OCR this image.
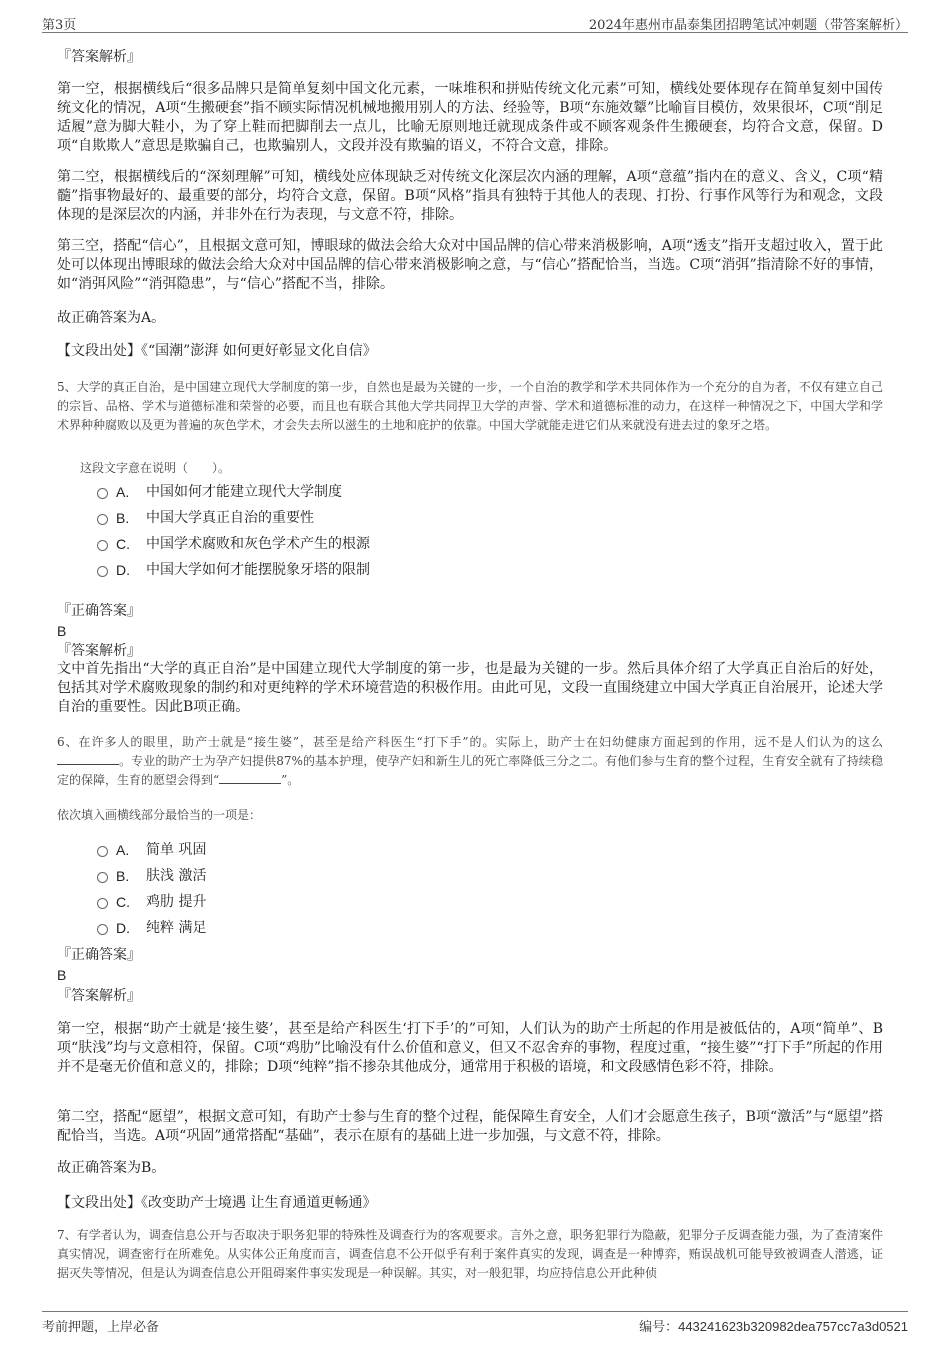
第3页	2024年惠州市晶泰集团招聘笔试冲刺题（带答案解析）
『答案解析』

第一空，根据横线后“很多品牌只是简单复刻中国文化元素，一味堆积和拼贴传统文化元素”可知，横线处要体现存在简单复刻中国传统文化的情况，A项“生搬硬套”指不顾实际情况机械地搬用别人的方法、经验等，B项“东施效颦”比喻盲目模仿，效果很坏，C项“削足适履”意为脚大鞋小，为了穿上鞋而把脚削去一点儿，比喻无原则地迁就现成条件或不顾客观条件生搬硬套，均符合文意，保留。D项“自欺欺人”意思是欺骗自己，也欺骗别人，文段并没有欺骗的语义，不符合文意，排除。

第二空，根据横线后的“深刻理解”可知，横线处应体现缺乏对传统文化深层次内涵的理解，A项“意蕴”指内在的意义、含义，C项“精髓”指事物最好的、最重要的部分，均符合文意，保留。B项“风格”指具有独特于其他人的表现、打扮、行事作风等行为和观念，文段体现的是深层次的内涵，并非外在行为表现，与文意不符，排除。

第三空，搭配“信心”，且根据文意可知，博眼球的做法会给大众对中国品牌的信心带来消极影响，A项“透支”指开支超过收入，置于此处可以体现出博眼球的做法会给大众对中国品牌的信心带来消极影响之意，与“信心”搭配恰当，当选。C项“消弭”指清除不好的事情，如“消弭风险”“消弭隐患”，与“信心”搭配不当，排除。

故正确答案为A。

【文段出处】《“国潮”澎湃 如何更好彰显文化自信》

5、大学的真正自治，是中国建立现代大学制度的第一步，自然也是最为关键的一步，一个自治的教学和学术共同体作为一个充分的自为者，不仅有建立自己的宗旨、品格、学术与道德标准和荣誉的必要，而且也有联合其他大学共同捍卫大学的声誉、学术和道德标准的动力，在这样一种情况之下，中国大学和学术界种种腐败以及更为普遍的灰色学术，才会失去所以滋生的土地和庇护的依靠。中国大学就能走进它们从来就没有进去过的象牙之塔。

这段文字意在说明（　　）。
A.	中国如何才能建立现代大学制度
B.	中国大学真正自治的重要性
C.	中国学术腐败和灰色学术产生的根源
D.	中国大学如何才能摆脱象牙塔的限制
『正确答案』
B
『答案解析』

文中首先指出“大学的真正自治”是中国建立现代大学制度的第一步，也是最为关键的一步。然后具体介绍了大学真正自治后的好处，包括其对学术腐败现象的制约和对更纯粹的学术环境营造的积极作用。由此可见，文段一直围绕建立中国大学真正自治展开，论述大学自治的重要性。因此B项正确。

6、在许多人的眼里，助产士就是“接生婆”，甚至是给产科医生“打下手”的。实际上，助产士在妇幼健康方面起到的作用，远不是人们认为的这么。专业的助产士为孕产妇提供87%的基本护理，使孕产妇和新生儿的死亡率降低三分之二。有他们参与生育的整个过程，生育安全就有了持续稳定的保障，生育的愿望会得到“	”。

依次填入画横线部分最恰当的一项是：
A.	简单 巩固
B.	肤浅 激活
C.	鸡肋 提升
D.	纯粹 满足
『正确答案』
B
『答案解析』

第一空，根据“助产士就是‘接生婆’，甚至是给产科医生‘打下手’的”可知，人们认为的助产士所起的作用是被低估的，A项“简单”、B项“肤浅”均与文意相符，保留。C项“鸡肋”比喻没有什么价值和意义，但又不忍舍弃的事物，程度过重，“接生婆”“打下手”所起的作用并不是毫无价值和意义的，排除；D项“纯粹”指不掺杂其他成分，通常用于积极的语境，和文段感情色彩不符，排除。

第二空，搭配“愿望”，根据文意可知，有助产士参与生育的整个过程，能保障生育安全，人们才会愿意生孩子，B项“激活”与“愿望”搭配恰当，当选。A项“巩固”通常搭配“基础”，表示在原有的基础上进一步加强，与文意不符，排除。

故正确答案为B。

【文段出处】《改变助产士境遇 让生育通道更畅通》

7、有学者认为，调查信息公开与否取决于职务犯罪的特殊性及调查行为的客观要求。言外之意，职务犯罪行为隐蔽，犯罪分子反调查能力强，为了查清案件真实情况，调查密行在所难免。从实体公正角度而言，调查信息不公开似乎有利于案件真实的发现，调查是一种博弈，贿误战机可能导致被调查人潜逃，证据灭失等情况，但是认为调查信息公开阻碍案件事实发现是一种误解。其实，对一般犯罪，均应持信息公开此种侦

考前押题，上岸必备	编号：443241623b320982dea757cc7a3d0521
